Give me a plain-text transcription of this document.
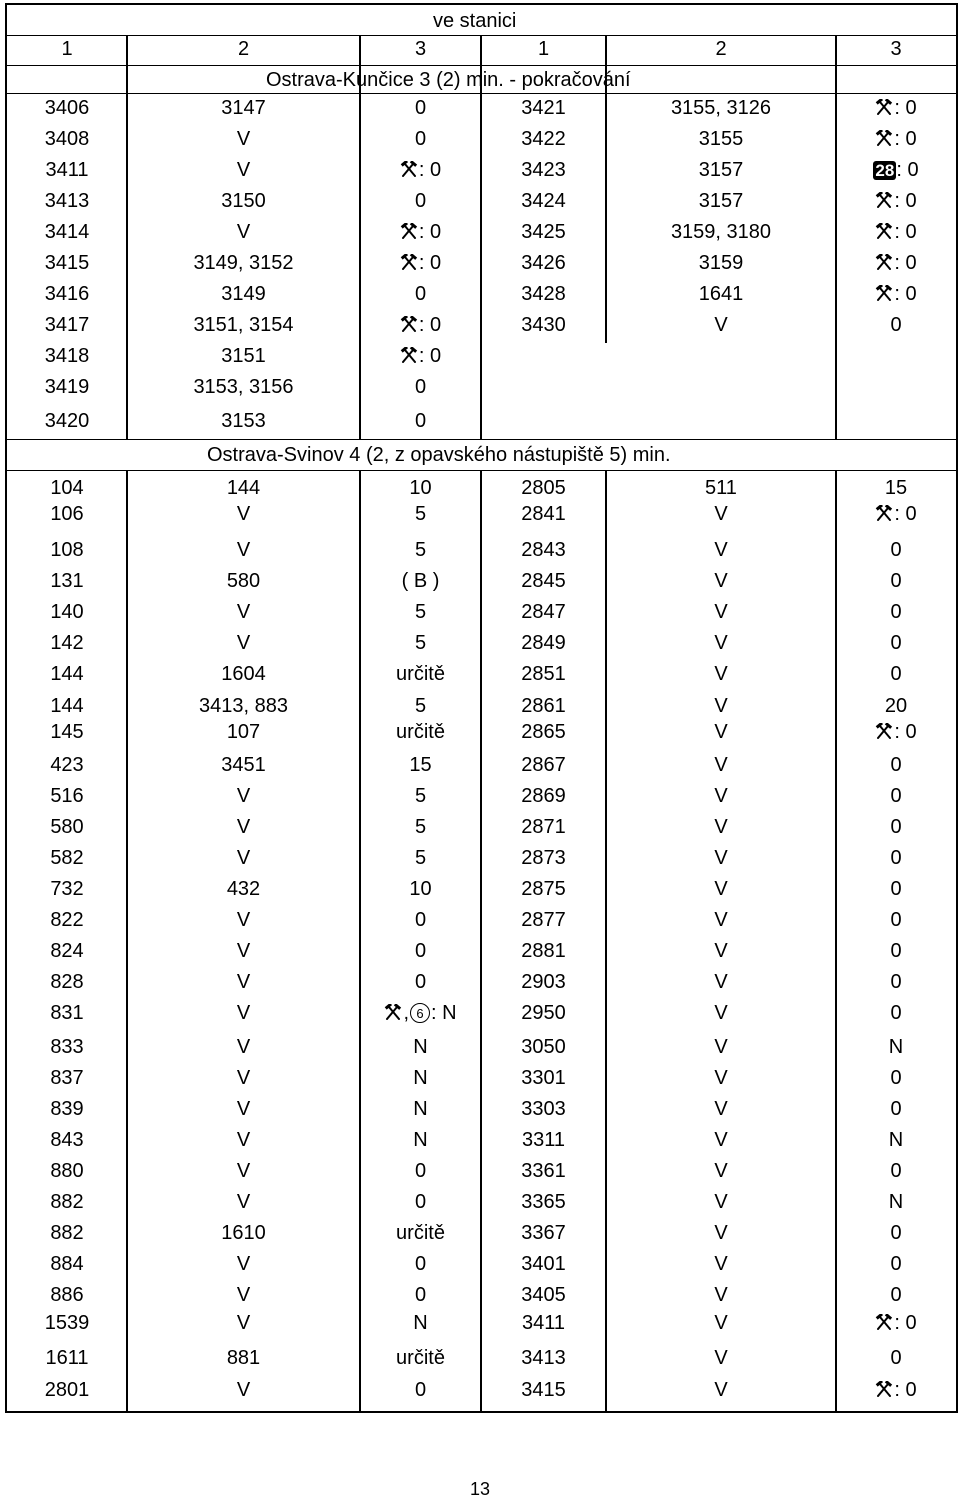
ve stanici
1	2	3	1	2	3
Ostrava-Kunčice 3 (2) min. - pokračování
3406	3147	0	3421	3155, 3126	: 0
3408	V	0	3422	3155	: 0
3411	V	: 0	3423	3157	28 : 0
3413	3150	0	3424	3157	: 0
3414	V	: 0	3425	3159, 3180	: 0
3415	3149, 3152	: 0	3426	3159	: 0
3416	3149	0	3428	1641	: 0
3417	3151, 3154	: 0	3430	V	0
3418	3151	: 0
3419	3153, 3156	0
3420	3153	0
Ostrava-Svinov 4 (2, z opavského nástupiště 5) min.
104	144	10	2805	511	15
106	V	5	2841	V	: 0
108	V	5	2843	V	0
131	580	( B )	2845	V	0
140	V	5	2847	V	0
142	V	5	2849	V	0
144	1604	určitě	2851	V	0
144	3413, 883	5	2861	V	20
145	107	určitě	2865	V	: 0
423	3451	15	2867	V	0
516	V	5	2869	V	0
580	V	5	2871	V	0
582	V	5	2873	V	0
732	432	10	2875	V	0
822	V	0	2877	V	0
824	V	0	2881	V	0
828	V	0	2903	V	0
831	V	, 6 : N	2950	V	0
833	V	N	3050	V	N
837	V	N	3301	V	0
839	V	N	3303	V	0
843	V	N	3311	V	N
880	V	0	3361	V	0
882	V	0	3365	V	N
882	1610	určitě	3367	V	0
884	V	0	3401	V	0
886	V	0	3405	V	0
1539	V	N	3411	V	: 0
1611	881	určitě	3413	V	0
2801	V	0	3415	V	: 0
13
